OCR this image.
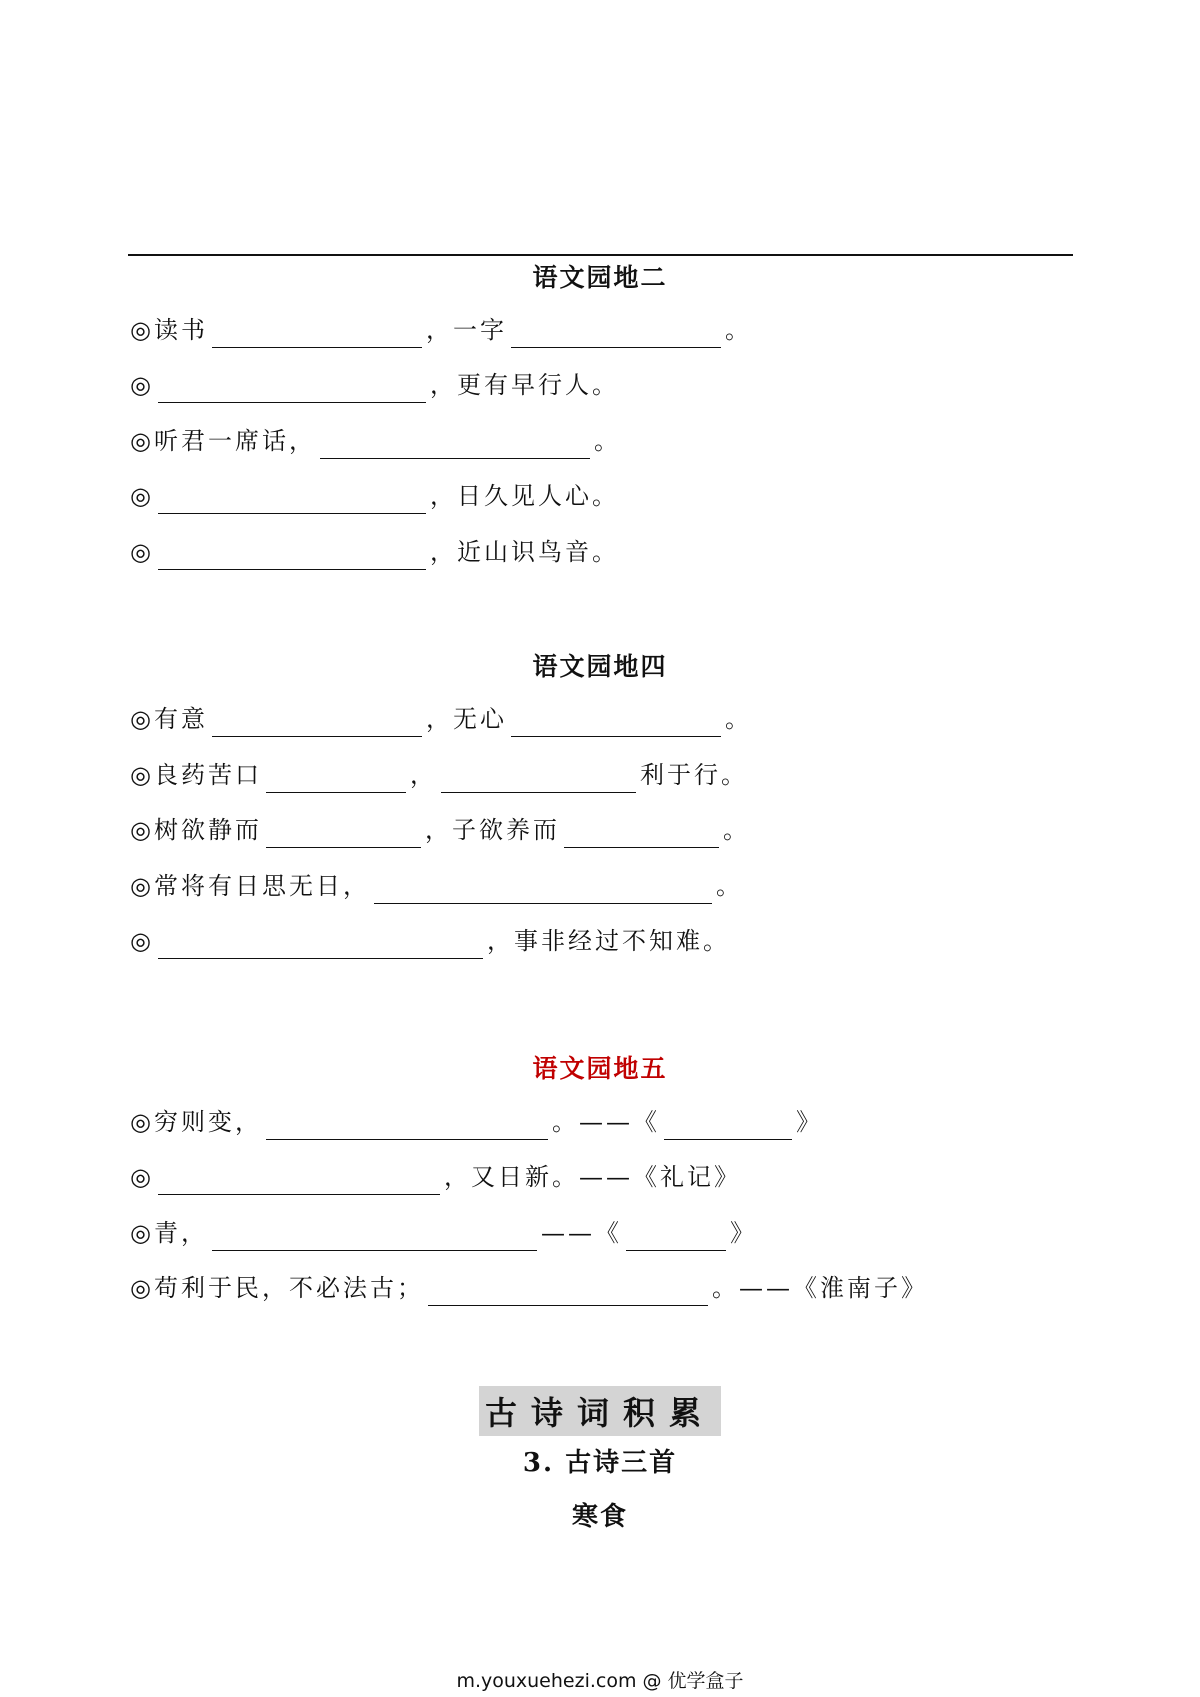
语文园地二
◎读书	，一字	。
◎	，更有早行人。
◎听君一席话，	。
◎	，日久见人心。
◎	，近山识鸟音。
语文园地四
◎有意	，无心	。
◎良药苦口	，	利于行。
◎树欲静而	，子欲养而	。
◎常将有日思无日，	。
◎	，事非经过不知难。
语文园地五
◎穷则变，	。——《	》
◎	，又日新。——《礼记》
◎青，	——《	》
◎苟利于民，不必法古；	。——《淮南子》
古诗词积累
3. 古诗三首
寒食
m.youxuehezi.com @ 优学盒子
